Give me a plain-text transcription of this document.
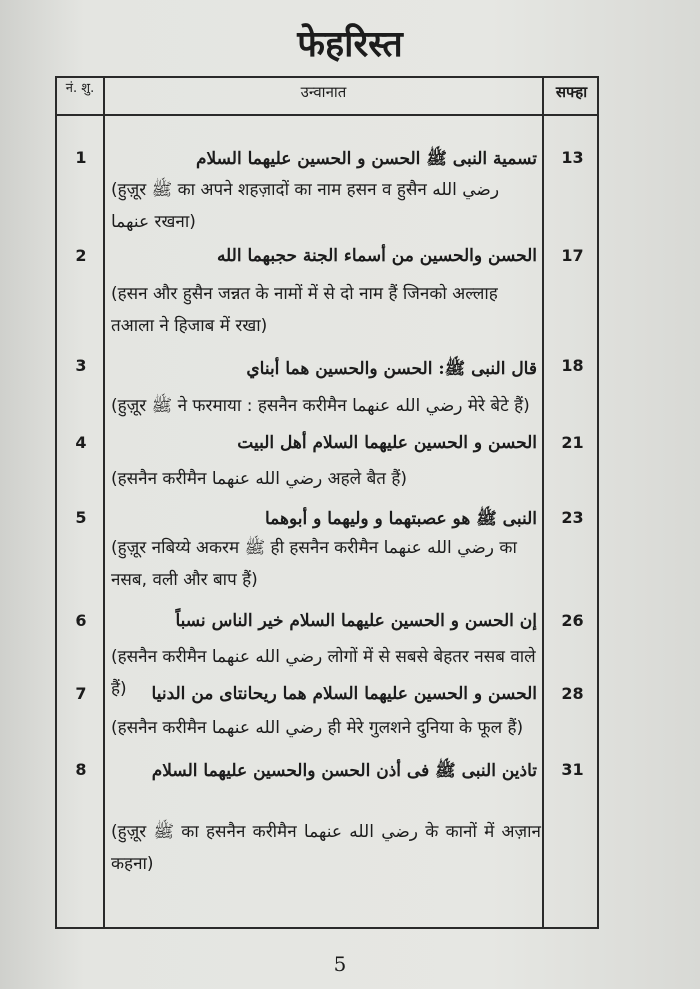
फेहरिस्त
नं. शु.	उन्वानात	सफ्हा
1	تسمية النبى ﷺ الحسن و الحسين عليهما السلام	13
(हुज़ूर ﷺ का अपने शहज़ादों का नाम हसन व हुसैन رضي الله عنهما रखना)
2	الحسن والحسين من أسماء الجنة حجبهما الله	17
(हसन और हुसैन जन्नत के नामों में से दो नाम हैं जिनको अल्लाह तआला ने हिजाब में रखा)
3	قال النبى ﷺ: الحسن والحسين هما أبناي	18
(हुज़ूर ﷺ ने फरमाया : हसनैन करीमैन رضي الله عنهما मेरे बेटे हैं)
4	الحسن و الحسين عليهما السلام أهل البيت	21
(हसनैन करीमैन رضي الله عنهما अहले बैत हैं)
5	النبى ﷺ هو عصبتهما و وليهما و أبوهما	23
(हुज़ूर नबिय्ये अकरम ﷺ ही हसनैन करीमैन رضي الله عنهما का नसब, वली और बाप हैं)
6	إن الحسن و الحسين عليهما السلام خير الناس نسباً	26
(हसनैन करीमैन رضي الله عنهما लोगों में से सबसे बेहतर नसब वाले हैं)
7	الحسن و الحسين عليهما السلام هما ريحانتاى من الدنيا	28
(हसनैन करीमैन رضي الله عنهما ही मेरे गुलशने दुनिया के फूल हैं)
8	تاذين النبى ﷺ فى أذن الحسن والحسين عليهما السلام	31
(हुज़ूर ﷺ का हसनैन करीमैन رضي الله عنهما के कानों में अज़ान कहना)
5
